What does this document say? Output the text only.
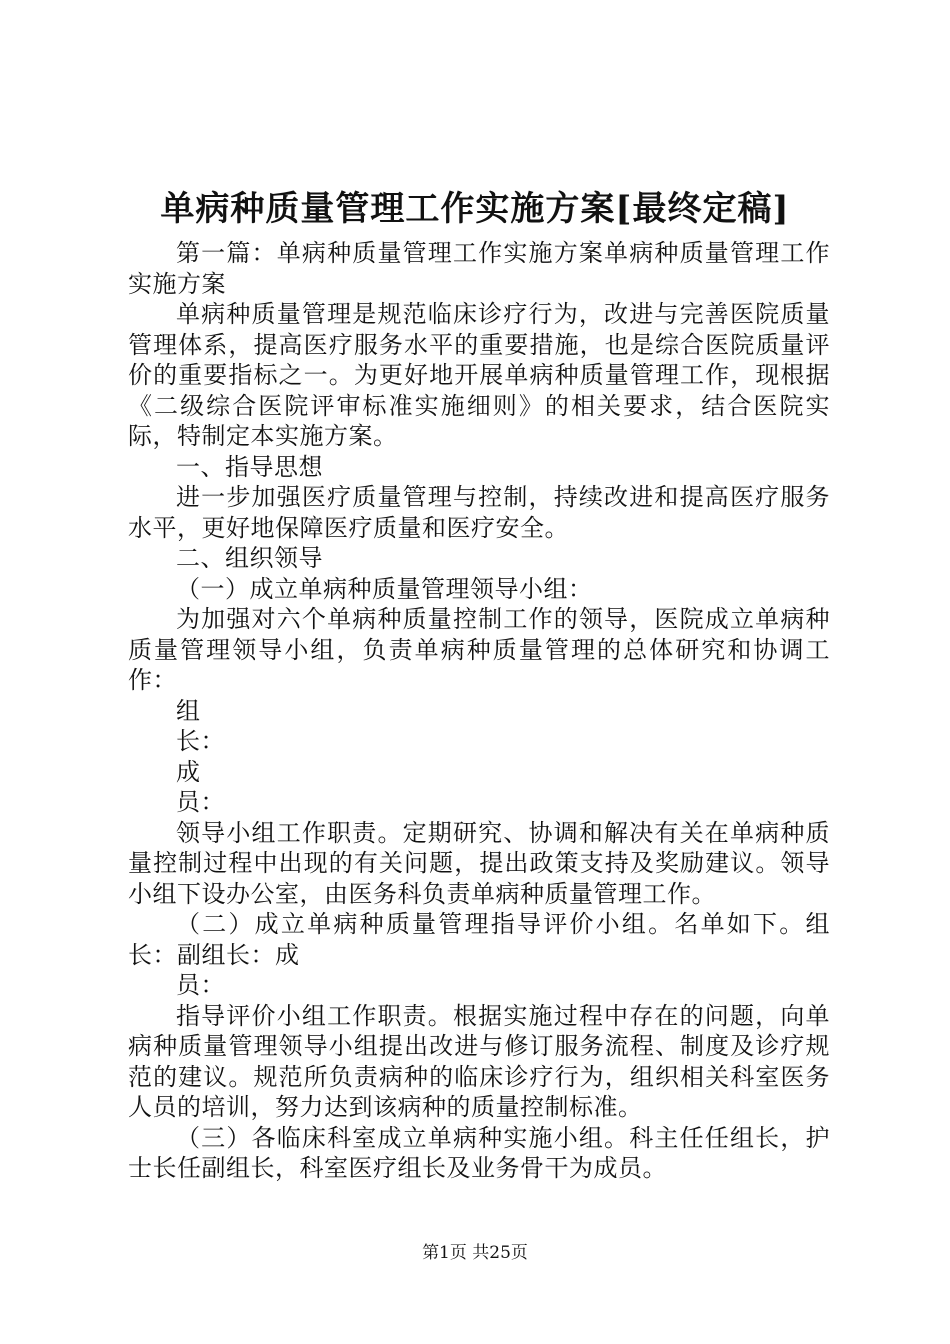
单病种质量管理工作实施方案[最终定稿]

第一篇：单病种质量管理工作实施方案单病种质量管理工作实施方案

单病种质量管理是规范临床诊疗行为，改进与完善医院质量管理体系，提高医疗服务水平的重要措施，也是综合医院质量评价的重要指标之一。为更好地开展单病种质量管理工作，现根据《二级综合医院评审标准实施细则》的相关要求，结合医院实际，特制定本实施方案。

一、指导思想

进一步加强医疗质量管理与控制，持续改进和提高医疗服务水平，更好地保障医疗质量和医疗安全。

二、组织领导

（一）成立单病种质量管理领导小组：

为加强对六个单病种质量控制工作的领导，医院成立单病种质量管理领导小组，负责单病种质量管理的总体研究和协调工作：

组长：

成员：

领导小组工作职责。定期研究、协调和解决有关在单病种质量控制过程中出现的有关问题，提出政策支持及奖励建议。领导小组下设办公室，由医务科负责单病种质量管理工作。

（二）成立单病种质量管理指导评价小组。名单如下。组长：副组长：成

员：

指导评价小组工作职责。根据实施过程中存在的问题，向单病种质量管理领导小组提出改进与修订服务流程、制度及诊疗规范的建议。规范所负责病种的临床诊疗行为，组织相关科室医务人员的培训，努力达到该病种的质量控制标准。

（三）各临床科室成立单病种实施小组。科主任任组长，护士长任副组长，科室医疗组长及业务骨干为成员。

第1页 共25页
